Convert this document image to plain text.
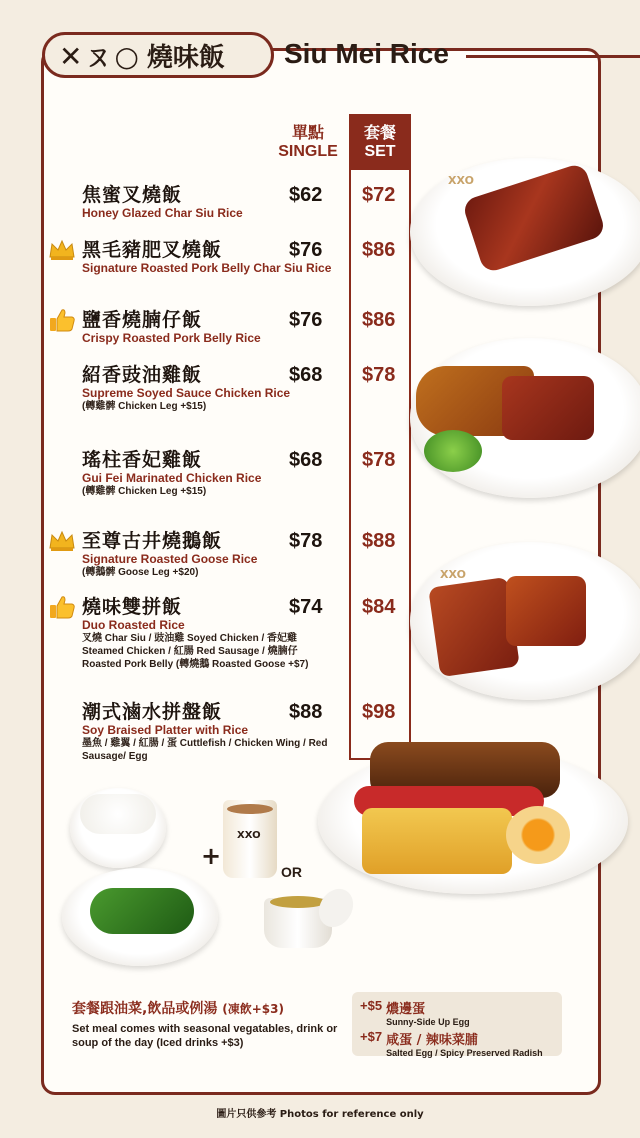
✕ㄡ○ 燒味飯 Siu Mei Rice
單點
SINGLE
套餐
SET
焦蜜叉燒飯
Honey Glazed Char Siu Rice
$62 $72
黑毛豬肥叉燒飯
Signature Roasted Pork Belly Char Siu Rice
$76 $86
鹽香燒腩仔飯
Crispy Roasted Pork Belly Rice
$76 $86
紹香豉油雞飯
Supreme Soyed Sauce Chicken Rice
(轉雞髀 Chicken Leg +$15)
$68 $78
瑤柱香妃雞飯
Gui Fei Marinated Chicken Rice
(轉雞髀 Chicken Leg +$15)
$68 $78
至尊古井燒鵝飯
Signature Roasted Goose Rice
(轉鵝髀 Goose Leg +$20)
$78 $88
燒味雙拼飯
Duo Roasted Rice
叉燒 Char Siu / 豉油雞 Soyed Chicken / 香妃雞 Steamed Chicken / 紅腸 Red Sausage / 燒腩仔 Roasted Pork Belly (轉燒鵝 Roasted Goose +$7)
$74 $84
潮式滷水拼盤飯
Soy Braised Platter with Rice
墨魚 / 雞翼 / 紅腸 / 蛋 Cuttlefish / Chicken Wing / Red Sausage/ Egg
$88 $98
XXO
XXO
XXO
+
OR
套餐跟油菜,飲品或例湯 (凍飲+$3)
Set meal comes with seasonal vegatables, drink or soup of the day (Iced drinks +$3)
+$5 燶邊蛋
Sunny-Side Up Egg
+$7 咸蛋 / 辣味菜脯
Salted Egg / Spicy Preserved Radish
圖片只供參考 Photos for reference only
